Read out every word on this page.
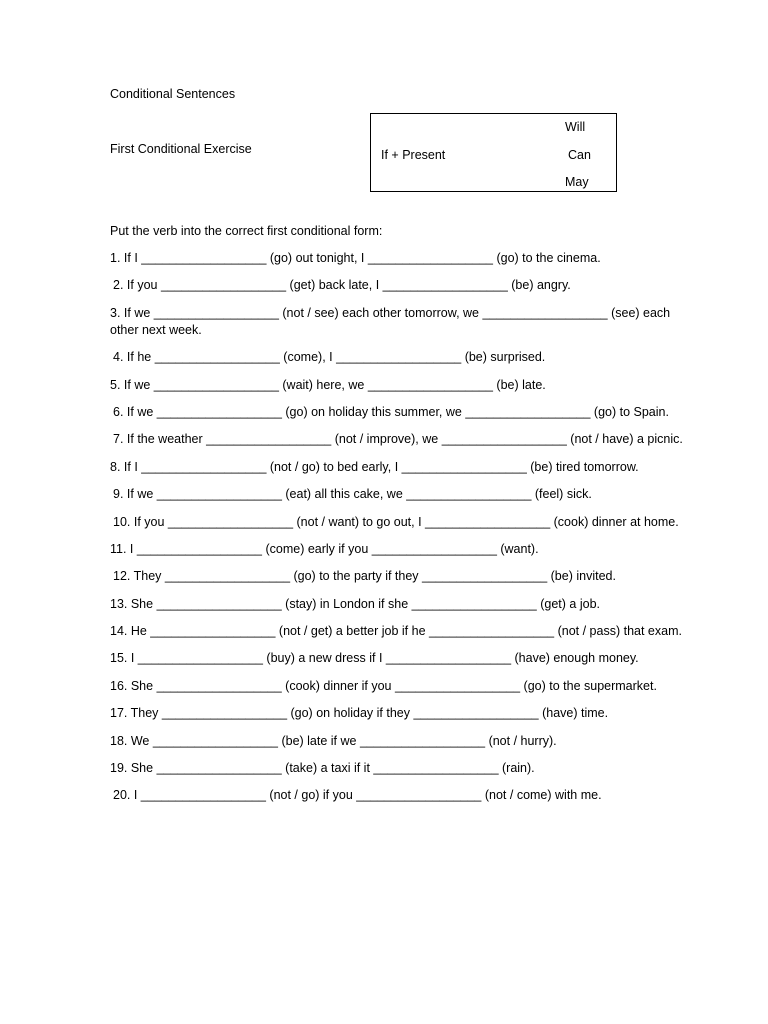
Conditional Sentences
First Conditional Exercise	If + Present
Will
Can
May
Put the verb into the correct first conditional form:
1. If I __________________ (go) out tonight, I __________________ (go) to the cinema.
2. If you __________________ (get) back late, I __________________ (be) angry.
3. If we __________________ (not / see) each other tomorrow, we __________________ (see) each other next week.
4. If he __________________ (come), I __________________ (be) surprised.
5. If we __________________ (wait) here, we __________________ (be) late.
6. If we __________________ (go) on holiday this summer, we __________________ (go) to Spain.
7. If the weather __________________ (not / improve), we __________________ (not / have) a picnic.
8. If I __________________ (not / go) to bed early, I __________________ (be) tired tomorrow.
9. If we __________________ (eat) all this cake, we __________________ (feel) sick.
10. If you __________________ (not / want) to go out, I __________________ (cook) dinner at home.
11. I __________________ (come) early if you __________________ (want).
12. They __________________ (go) to the party if they __________________ (be) invited.
13. She __________________ (stay) in London if she __________________ (get) a job.
14. He __________________ (not / get) a better job if he __________________ (not / pass) that exam.
15. I __________________ (buy) a new dress if I __________________ (have) enough money.
16. She __________________ (cook) dinner if you __________________ (go) to the supermarket.
17. They __________________ (go) on holiday if they __________________ (have) time.
18. We __________________ (be) late if we __________________ (not / hurry).
19. She __________________ (take) a taxi if it __________________ (rain).
20. I __________________ (not / go) if you __________________ (not / come) with me.
